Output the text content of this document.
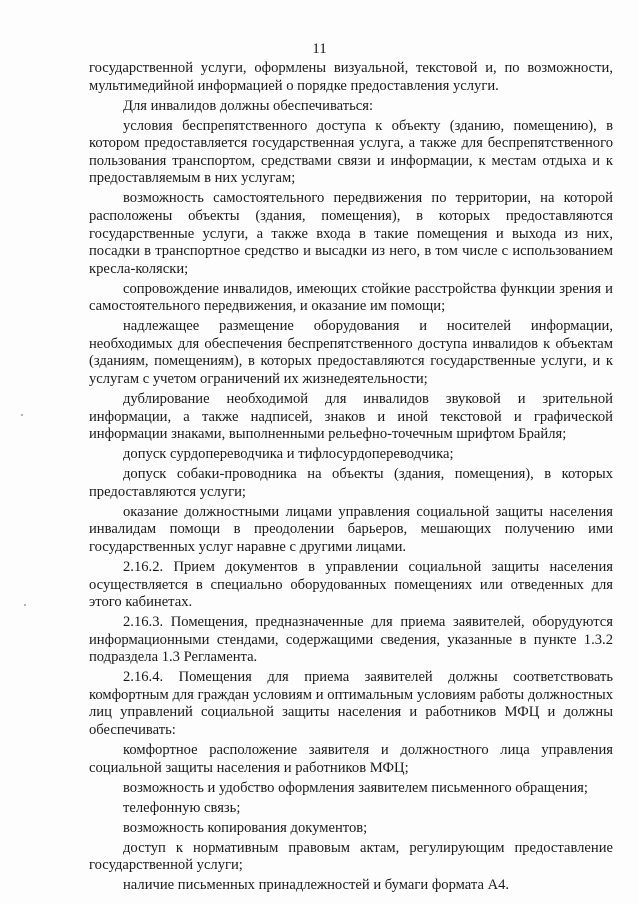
11

государственной услуги, оформлены визуальной, текстовой и, по возможности, мультимедийной информацией о порядке предоставления услуги.

Для инвалидов должны обеспечиваться:

условия беспрепятственного доступа к объекту (зданию, помещению), в котором предоставляется государственная услуга, а также для беспрепятственного пользования транспортом, средствами связи и информации, к местам отдыха и к предоставляемым в них услугам;

возможность самостоятельного передвижения по территории, на которой расположены объекты (здания, помещения), в которых предоставляются государственные услуги, а также входа в такие помещения и выхода из них, посадки в транспортное средство и высадки из него, в том числе с использованием кресла-коляски;

сопровождение инвалидов, имеющих стойкие расстройства функции зрения и самостоятельного передвижения, и оказание им помощи;

надлежащее размещение оборудования и носителей информации, необходимых для обеспечения беспрепятственного доступа инвалидов к объектам (зданиям, помещениям), в которых предоставляются государственные услуги, и к услугам с учетом ограничений их жизнедеятельности;

дублирование необходимой для инвалидов звуковой и зрительной информации, а также надписей, знаков и иной текстовой и графической информации знаками, выполненными рельефно-точечным шрифтом Брайля;

допуск сурдопереводчика и тифлосурдопереводчика;

допуск собаки-проводника на объекты (здания, помещения), в которых предоставляются услуги;

оказание должностными лицами управления социальной защиты населения инвалидам помощи в преодолении барьеров, мешающих получению ими государственных услуг наравне с другими лицами.

2.16.2. Прием документов в управлении социальной защиты населения осуществляется в специально оборудованных помещениях или отведенных для этого кабинетах.

2.16.3. Помещения, предназначенные для приема заявителей, оборудуются информационными стендами, содержащими сведения, указанные в пункте 1.3.2 подраздела 1.3 Регламента.

2.16.4. Помещения для приема заявителей должны соответствовать комфортным для граждан условиям и оптимальным условиям работы должностных лиц управлений социальной защиты населения и работников МФЦ и должны обеспечивать:

комфортное расположение заявителя и должностного лица управления социальной защиты населения и работников МФЦ;

возможность и удобство оформления заявителем письменного обращения;

телефонную связь;

возможность копирования документов;

доступ к нормативным правовым актам, регулирующим предоставление государственной услуги;

наличие письменных принадлежностей и бумаги формата А4.
